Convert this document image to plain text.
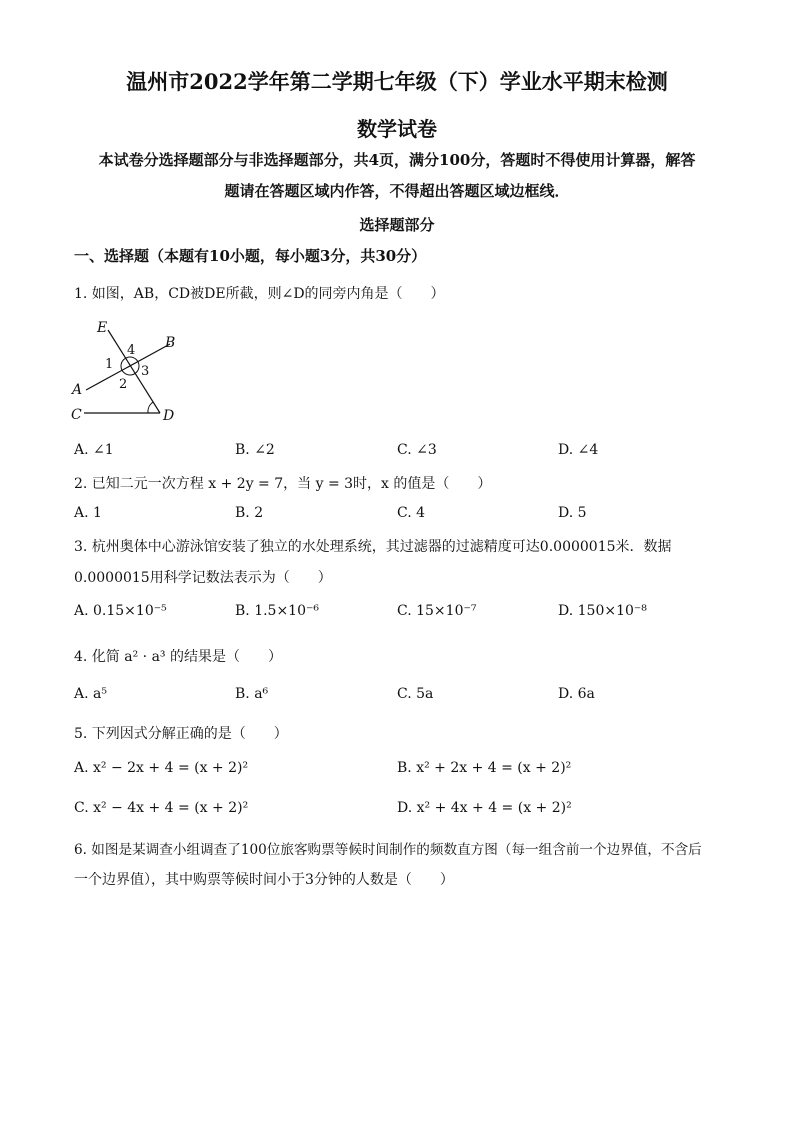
温州市2022学年第二学期七年级（下）学业水平期末检测
数学试卷
本试卷分选择题部分与非选择题部分，共4页，满分100分，答题时不得使用计算器，解答
题请在答题区域内作答，不得超出答题区域边框线．
选择题部分
一、选择题（本题有10小题，每小题3分，共30分）
1. 如图，AB，CD被DE所截，则∠D的同旁内角是（　　）
E
B
A
C	D
1
2
3
4
A. ∠1	B. ∠2	C. ∠3	D. ∠4
2. 已知二元一次方程 x + 2y = 7，当 y = 3时，x 的值是（　　）
A. 1	B. 2	C. 4	D. 5
3. 杭州奥体中心游泳馆安装了独立的水处理系统，其过滤器的过滤精度可达0.0000015米．数据
0.0000015用科学记数法表示为（　　）
A. 0.15×10⁻⁵	B. 1.5×10⁻⁶	C. 15×10⁻⁷	D. 150×10⁻⁸
4. 化简 a² · a³ 的结果是（　　）
A. a⁵	B. a⁶	C. 5a	D. 6a
5. 下列因式分解正确的是（　　）
A. x² − 2x + 4 = (x + 2)²	B. x² + 2x + 4 = (x + 2)²
C. x² − 4x + 4 = (x + 2)²	D. x² + 4x + 4 = (x + 2)²
6. 如图是某调查小组调查了100位旅客购票等候时间制作的频数直方图（每一组含前一个边界值，不含后
一个边界值），其中购票等候时间小于3分钟的人数是（　　）
